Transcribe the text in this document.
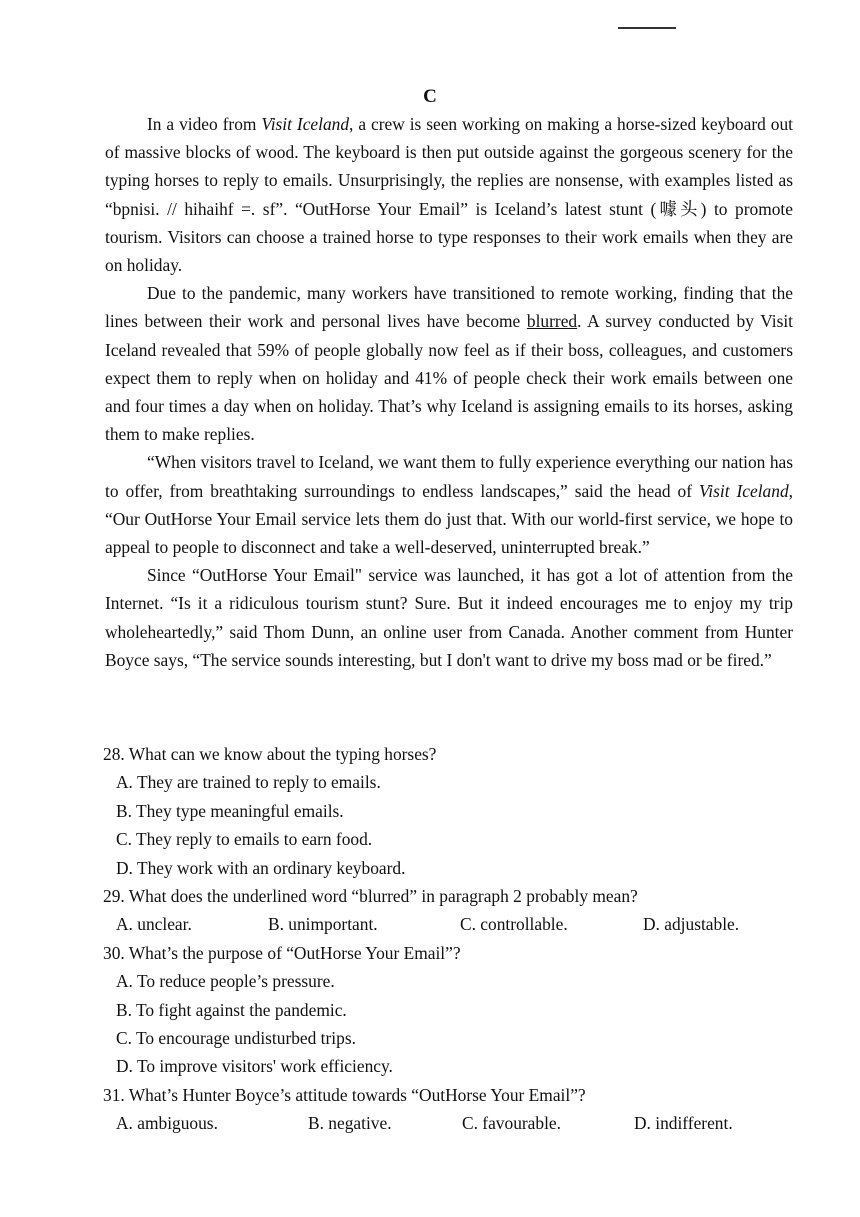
C

In a video from Visit Iceland, a crew is seen working on making a horse-sized keyboard out of massive blocks of wood. The keyboard is then put outside against the gorgeous scenery for the typing horses to reply to emails. Unsurprisingly, the replies are nonsense, with examples listed as “bpnisi. // hihaihf =. sf”. “OutHorse Your Email” is Iceland’s latest stunt (噱头) to promote tourism. Visitors can choose a trained horse to type responses to their work emails when they are on holiday.

Due to the pandemic, many workers have transitioned to remote working, finding that the lines between their work and personal lives have become blurred. A survey conducted by Visit Iceland revealed that 59% of people globally now feel as if their boss, colleagues, and customers expect them to reply when on holiday and 41% of people check their work emails between one and four times a day when on holiday. That’s why Iceland is assigning emails to its horses, asking them to make replies.

“When visitors travel to Iceland, we want them to fully experience everything our nation has to offer, from breathtaking surroundings to endless landscapes,” said the head of Visit Iceland, “Our OutHorse Your Email service lets them do just that. With our world-first service, we hope to appeal to people to disconnect and take a well-deserved, uninterrupted break.”

Since “OutHorse Your Email" service was launched, it has got a lot of attention from the Internet. “Is it a ridiculous tourism stunt? Sure. But it indeed encourages me to enjoy my trip wholeheartedly,” said Thom Dunn, an online user from Canada. Another comment from Hunter Boyce says, “The service sounds interesting, but I don't want to drive my boss mad or be fired.”

28. What can we know about the typing horses?

A. They are trained to reply to emails.

B. They type meaningful emails.

C. They reply to emails to earn food.

D. They work with an ordinary keyboard.

29. What does the underlined word “blurred” in paragraph 2 probably mean?

A. unclear.	B. unimportant.	C. controllable.	D. adjustable.

30. What’s the purpose of “OutHorse Your Email”?

A. To reduce people’s pressure.

B. To fight against the pandemic.

C. To encourage undisturbed trips.

D. To improve visitors' work efficiency.

31. What’s Hunter Boyce’s attitude towards “OutHorse Your Email”?

A. ambiguous.	B. negative.	C. favourable.	D. indifferent.
